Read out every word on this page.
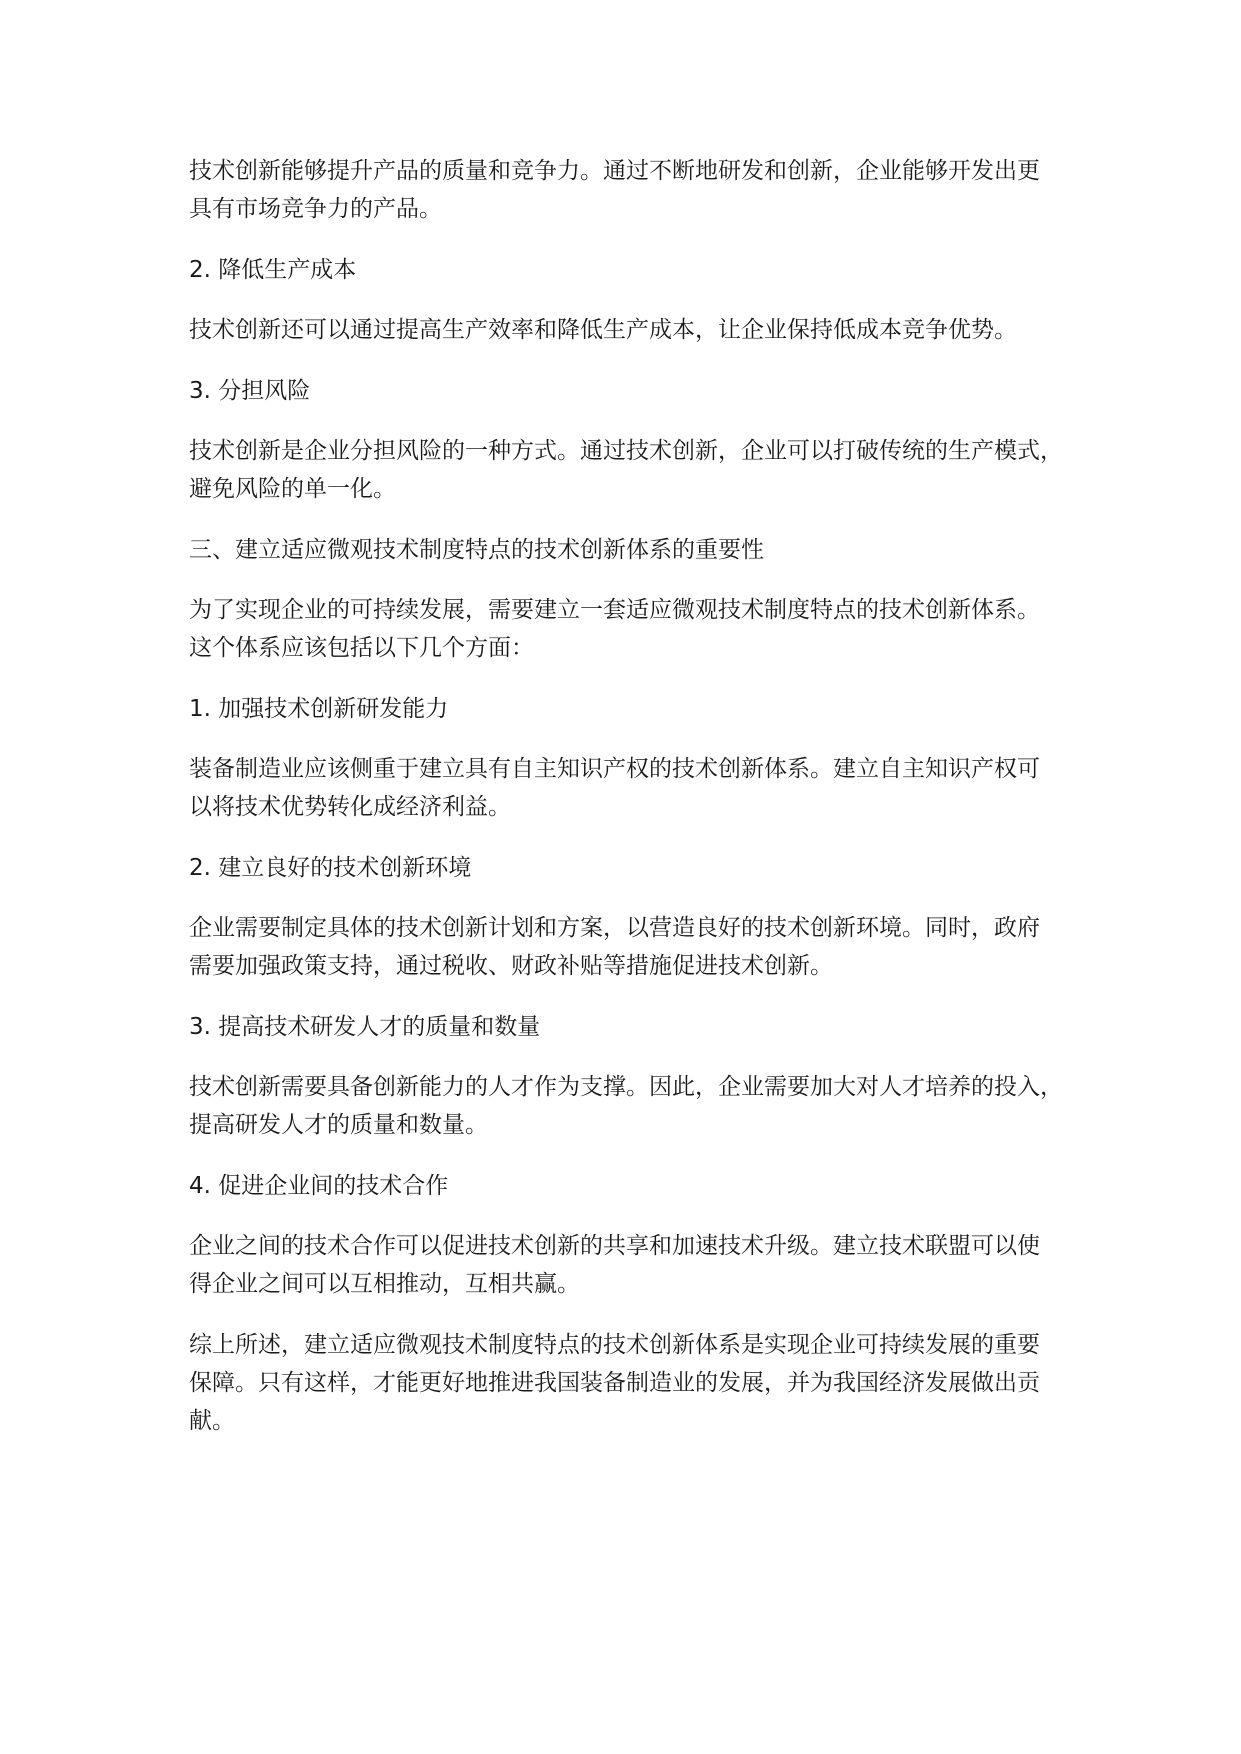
技术创新能够提升产品的质量和竞争力。通过不断地研发和创新，企业能够开发出更
具有市场竞争力的产品。

2. 降低生产成本

技术创新还可以通过提高生产效率和降低生产成本，让企业保持低成本竞争优势。

3. 分担风险

技术创新是企业分担风险的一种方式。通过技术创新，企业可以打破传统的生产模式，
避免风险的单一化。

三、建立适应微观技术制度特点的技术创新体系的重要性

为了实现企业的可持续发展，需要建立一套适应微观技术制度特点的技术创新体系。
这个体系应该包括以下几个方面：

1. 加强技术创新研发能力

装备制造业应该侧重于建立具有自主知识产权的技术创新体系。建立自主知识产权可
以将技术优势转化成经济利益。

2. 建立良好的技术创新环境

企业需要制定具体的技术创新计划和方案，以营造良好的技术创新环境。同时，政府
需要加强政策支持，通过税收、财政补贴等措施促进技术创新。

3. 提高技术研发人才的质量和数量

技术创新需要具备创新能力的人才作为支撑。因此，企业需要加大对人才培养的投入，
提高研发人才的质量和数量。

4. 促进企业间的技术合作

企业之间的技术合作可以促进技术创新的共享和加速技术升级。建立技术联盟可以使
得企业之间可以互相推动，互相共赢。

综上所述，建立适应微观技术制度特点的技术创新体系是实现企业可持续发展的重要
保障。只有这样，才能更好地推进我国装备制造业的发展，并为我国经济发展做出贡
献。
